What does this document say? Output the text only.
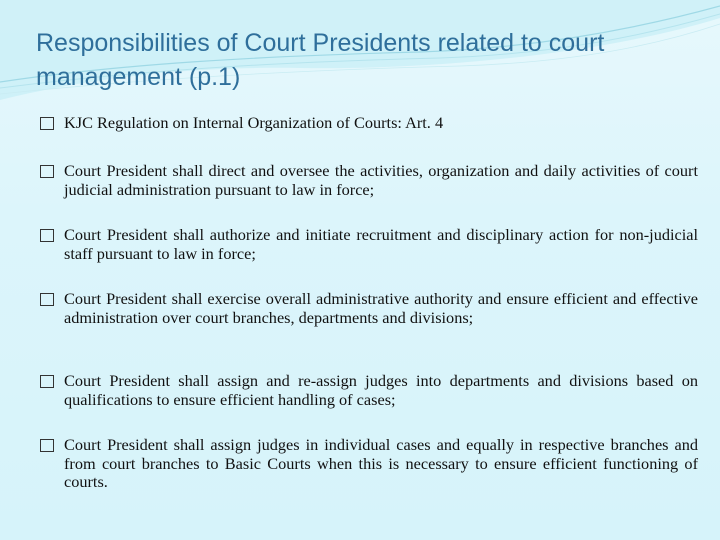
Responsibilities of Court Presidents related to court management (p.1)
KJC Regulation on Internal Organization of Courts: Art. 4
Court President shall direct and oversee the activities, organization and daily activities of court judicial administration pursuant to law in force;
Court President shall authorize and initiate recruitment and disciplinary action for non-judicial staff pursuant to law in force;
Court President shall exercise overall administrative authority and ensure efficient and effective administration over court branches, departments and divisions;
Court President shall assign and re-assign judges into departments and divisions based on qualifications to ensure efficient handling of cases;
Court President shall assign judges in individual cases and equally in respective branches and from court branches to Basic Courts when this is necessary to ensure efficient functioning of courts.
